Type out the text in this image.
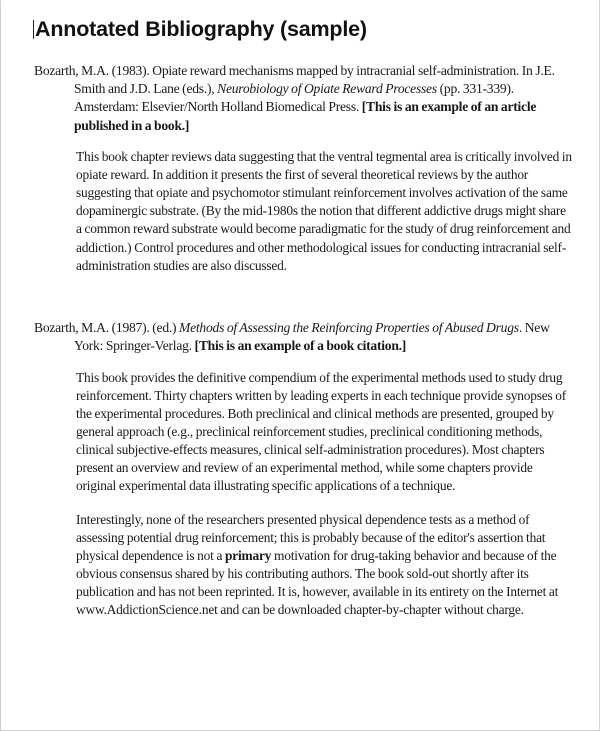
Annotated Bibliography (sample)

Bozarth, M.A. (1983). Opiate reward mechanisms mapped by intracranial self-administration. In J.E. Smith and J.D. Lane (eds.), Neurobiology of Opiate Reward Processes (pp. 331-339). Amsterdam: Elsevier/North Holland Biomedical Press. [This is an example of an article published in a book.]

This book chapter reviews data suggesting that the ventral tegmental area is critically involved in opiate reward. In addition it presents the first of several theoretical reviews by the author suggesting that opiate and psychomotor stimulant reinforcement involves activation of the same dopaminergic substrate. (By the mid-1980s the notion that different addictive drugs might share a common reward substrate would become paradigmatic for the study of drug reinforcement and addiction.) Control procedures and other methodological issues for conducting intracranial self-administration studies are also discussed.

Bozarth, M.A. (1987). (ed.) Methods of Assessing the Reinforcing Properties of Abused Drugs. New York: Springer-Verlag. [This is an example of a book citation.]

This book provides the definitive compendium of the experimental methods used to study drug reinforcement. Thirty chapters written by leading experts in each technique provide synopses of the experimental procedures. Both preclinical and clinical methods are presented, grouped by general approach (e.g., preclinical reinforcement studies, preclinical conditioning methods, clinical subjective-effects measures, clinical self-administration procedures). Most chapters present an overview and review of an experimental method, while some chapters provide original experimental data illustrating specific applications of a technique.

Interestingly, none of the researchers presented physical dependence tests as a method of assessing potential drug reinforcement; this is probably because of the editor's assertion that physical dependence is not a primary motivation for drug-taking behavior and because of the obvious consensus shared by his contributing authors. The book sold-out shortly after its publication and has not been reprinted. It is, however, available in its entirety on the Internet at www.AddictionScience.net and can be downloaded chapter-by-chapter without charge.
